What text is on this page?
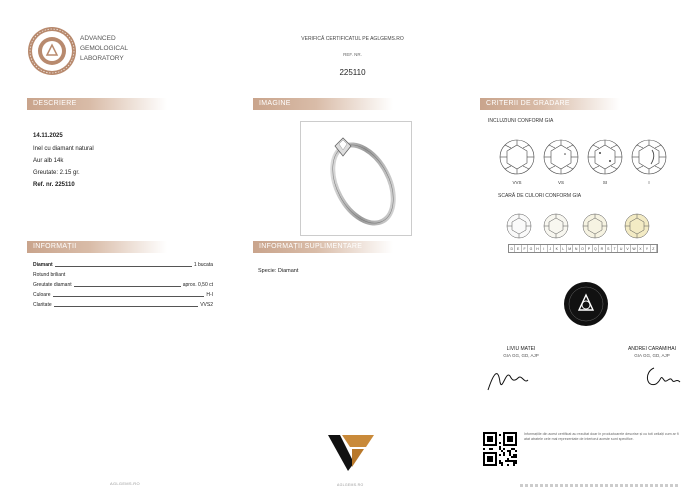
ADVANCED
GEMOLOGICAL
LABORATORY
VERIFICĂ CERTIFICATUL PE AGLGEMS.RO
REF. NR.
225110
DESCRIERE	IMAGINE	CRITERII DE GRADARE
INFORMAȚII	INFORMAȚII SUPLIMENTARE
14.11.2025
Inel cu diamant natural
Aur alb 14k
Greutate: 2.15 gr.
Ref. nr. 225110
Diamant	1 bucata
Rotund briliant
Greutate diamant	aprox. 0,50 ct
Culoare	H-I
Claritate	VVS2
Specie: Diamant
INCLUZIUNI CONFORM GIA
VVS	VS	SI	I
SCARĂ DE CULORI CONFORM GIA
D	E	F	G	H	I	J	K	L	M	N	O	P	Q	R	S	T	U	V	W	X	Y	Z
LIVIU MATEI
GIA GG, GD, AJP
ANDREI CARAMIHAI
GIA GG, GD, AJP
Informațiile din acest certificat au rezultat doar în productoarele descrise și cu toti ceilalți cum ar fi atat atratele cele mai reprezentate de interiorul aceste sunt specifice.
AGLGEMS.RO	AGLGEMS.RO
